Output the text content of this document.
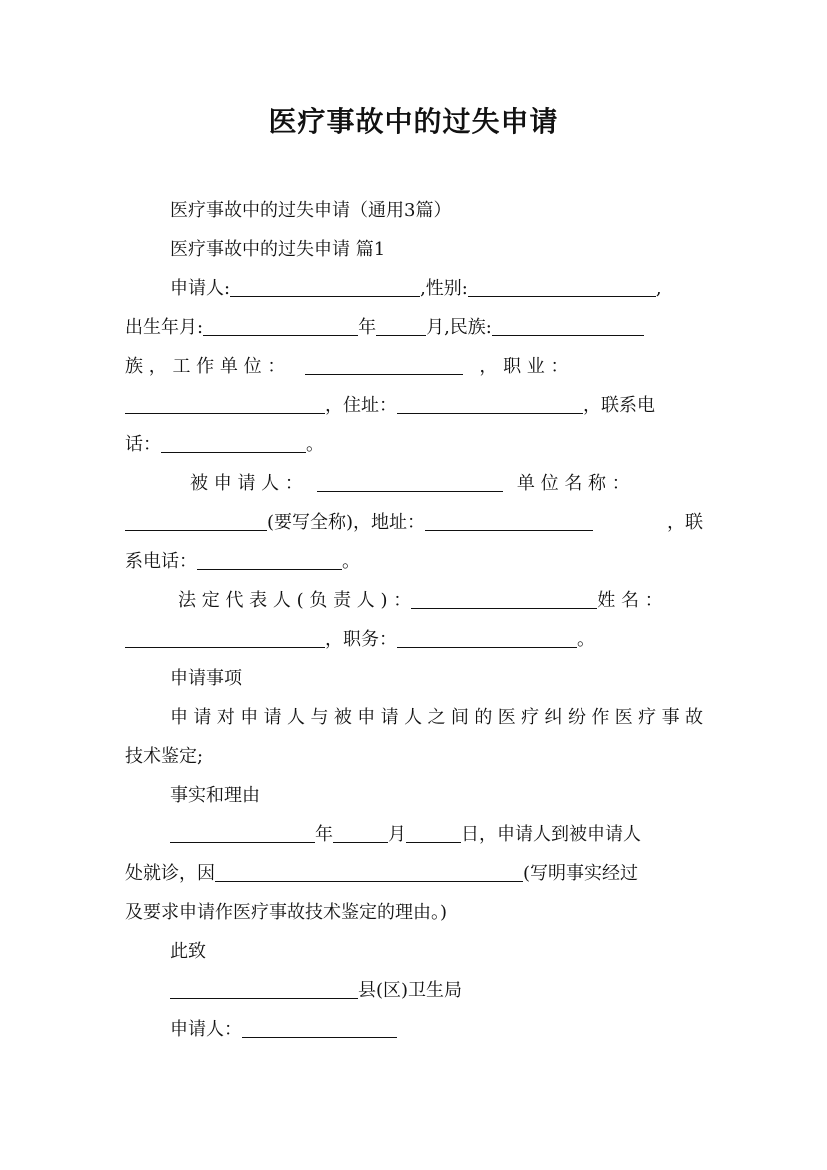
医疗事故中的过失申请
医疗事故中的过失申请（通用3篇）
医疗事故中的过失申请 篇1
申请人:	,性别:	,
出生年月:	年	月,民族:
族 ， 工 作 单 位 ：	， 职 业 ：
，住址：	，联系电
话：	。
被 申 请 人 ：	单 位 名 称 ：
(要写全称)，地址：	，联
系电话：	。
法 定 代 表 人 ( 负 责 人 ) ：	姓 名 ：
，职务：	。
申请事项
申请对申请人与被申请人之间的医疗纠纷作医疗事故
技术鉴定;
事实和理由
年	月	日，申请人到被申请人
处就诊，因	(写明事实经过
及要求申请作医疗事故技术鉴定的理由。)
此致
县(区)卫生局
申请人：
